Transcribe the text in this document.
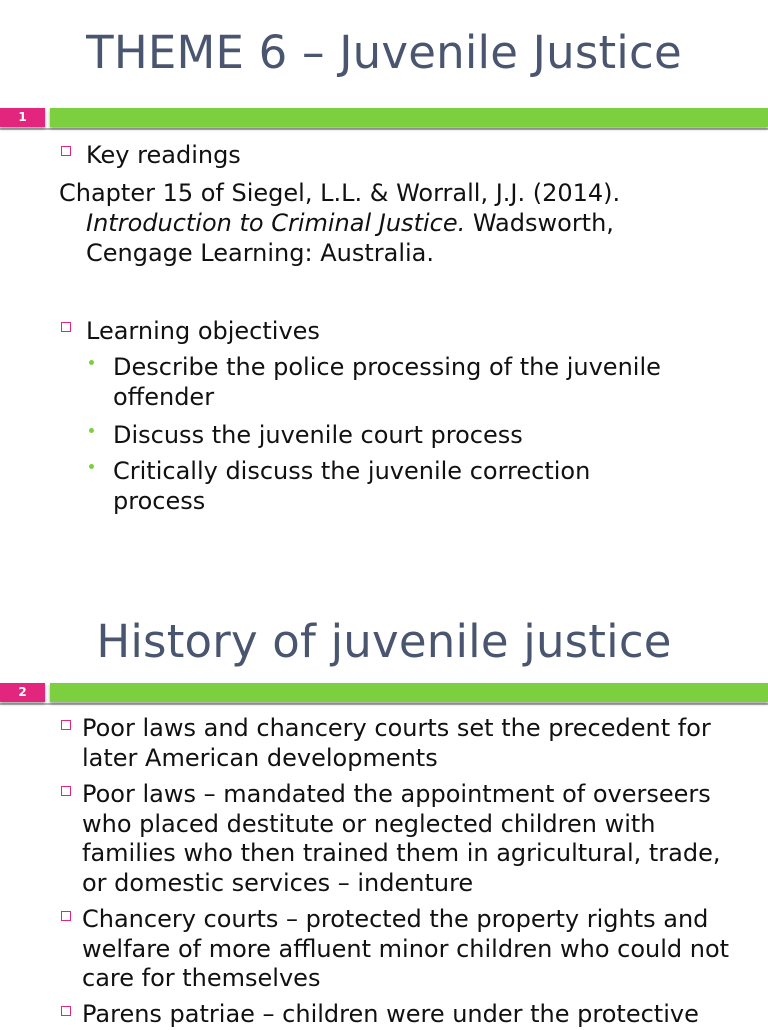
THEME 6 – Juvenile Justice
1
Key readings
Chapter 15 of Siegel, L.L. & Worrall, J.J. (2014).
Introduction to Criminal Justice. Wadsworth,
Cengage Learning: Australia.
Learning objectives
Describe the police processing of the juvenile offender
Discuss the juvenile court process
Critically discuss the juvenile correction process
History of juvenile justice
2
Poor laws and chancery courts set the precedent for later American developments
Poor laws – mandated the appointment of overseers who placed destitute or neglected children with families who then trained them in agricultural, trade, or domestic services – indenture
Chancery courts – protected the property rights and welfare of more affluent minor children who could not care for themselves
Parens patriae – children were under the protective
